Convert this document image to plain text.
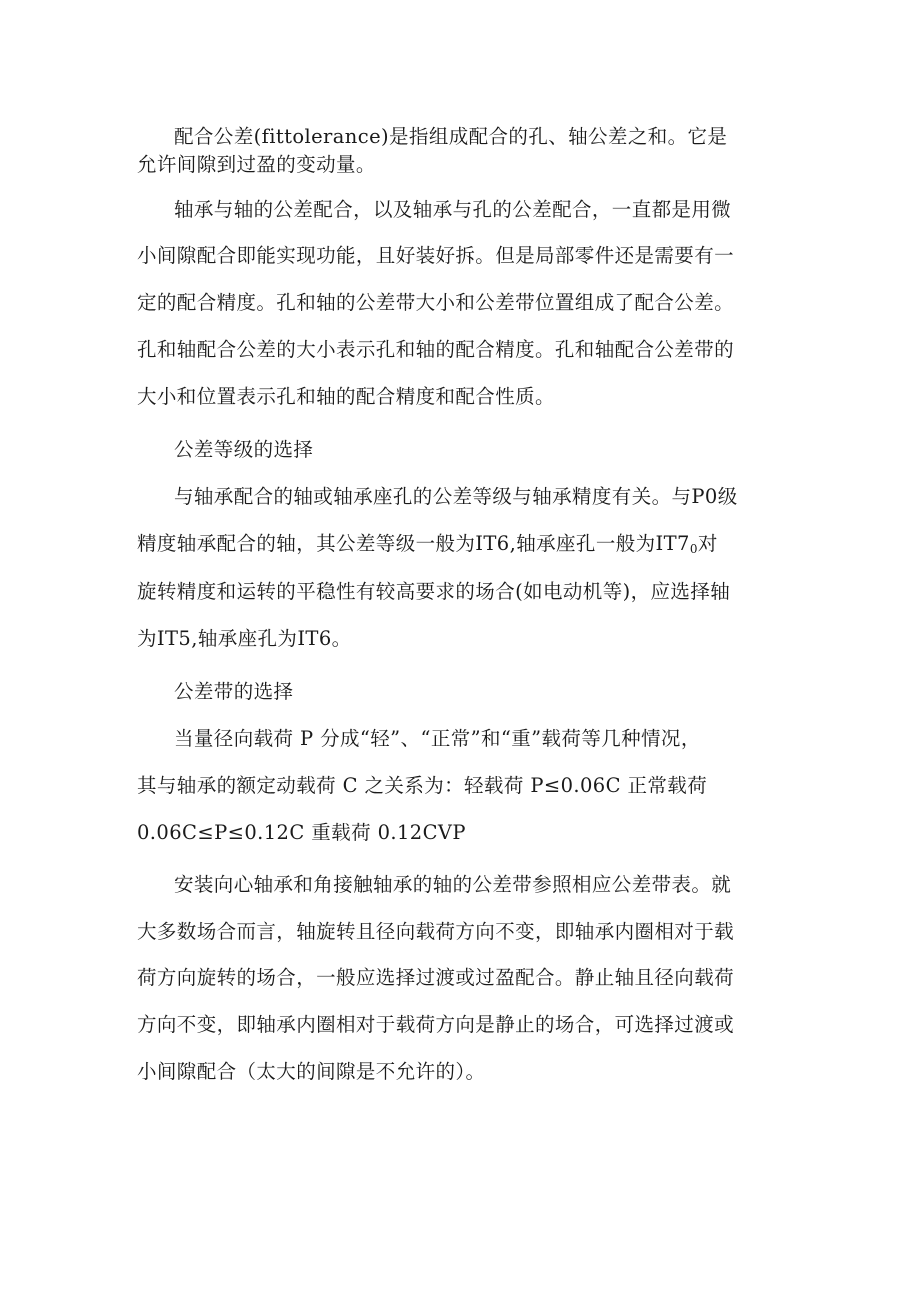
配合公差(fittolerance)是指组成配合的孔、轴公差之和。它是
允许间隙到过盈的变动量。
轴承与轴的公差配合，以及轴承与孔的公差配合，一直都是用微
小间隙配合即能实现功能，且好装好拆。但是局部零件还是需要有一
定的配合精度。孔和轴的公差带大小和公差带位置组成了配合公差。
孔和轴配合公差的大小表示孔和轴的配合精度。孔和轴配合公差带的
大小和位置表示孔和轴的配合精度和配合性质。
公差等级的选择
与轴承配合的轴或轴承座孔的公差等级与轴承精度有关。与P0级
精度轴承配合的轴，其公差等级一般为IT6,轴承座孔一般为$IT7_0$对
旋转精度和运转的平稳性有较高要求的场合(如电动机等)，应选择轴
为IT5,轴承座孔为IT6。
公差带的选择
当量径向载荷 P 分成“轻”、“正常”和“重”载荷等几种情况，
其与轴承的额定动载荷 C 之关系为：轻载荷 P≤0.06C 正常载荷
0.06C≤P≤0.12C 重载荷 0.12CVP
安装向心轴承和角接触轴承的轴的公差带参照相应公差带表。就
大多数场合而言，轴旋转且径向载荷方向不变，即轴承内圈相对于载
荷方向旋转的场合，一般应选择过渡或过盈配合。静止轴且径向载荷
方向不变，即轴承内圈相对于载荷方向是静止的场合，可选择过渡或
小间隙配合（太大的间隙是不允许的）。
